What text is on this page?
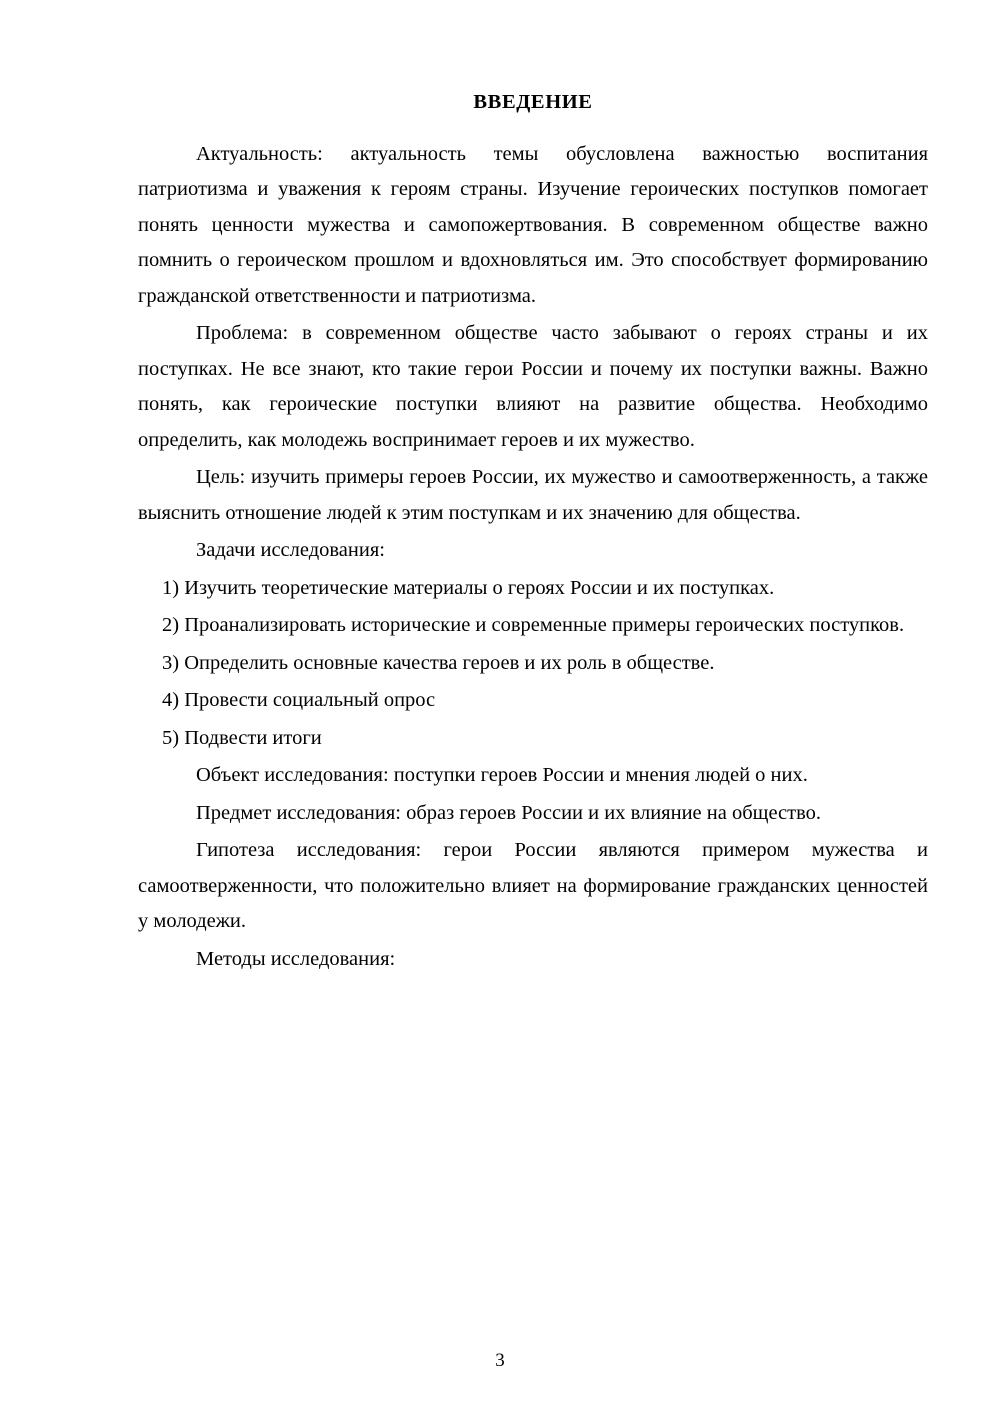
ВВЕДЕНИЕ

Актуальность: актуальность темы обусловлена важностью воспитания патриотизма и уважения к героям страны. Изучение героических поступков помогает понять ценности мужества и самопожертвования. В современном обществе важно помнить о героическом прошлом и вдохновляться им. Это способствует формированию гражданской ответственности и патриотизма.

Проблема: в современном обществе часто забывают о героях страны и их поступках. Не все знают, кто такие герои России и почему их поступки важны. Важно понять, как героические поступки влияют на развитие общества. Необходимо определить, как молодежь воспринимает героев и их мужество.

Цель: изучить примеры героев России, их мужество и самоотверженность, а также выяснить отношение людей к этим поступкам и их значению для общества.

Задачи исследования:

1) Изучить теоретические материалы о героях России и их поступках.

2) Проанализировать исторические и современные примеры героических поступков.

3) Определить основные качества героев и их роль в обществе.

4) Провести социальный опрос

5) Подвести итоги

Объект исследования: поступки героев России и мнения людей о них.

Предмет исследования: образ героев России и их влияние на общество.

Гипотеза исследования: герои России являются примером мужества и самоотверженности, что положительно влияет на формирование гражданских ценностей у молодежи.

Методы исследования:

3
